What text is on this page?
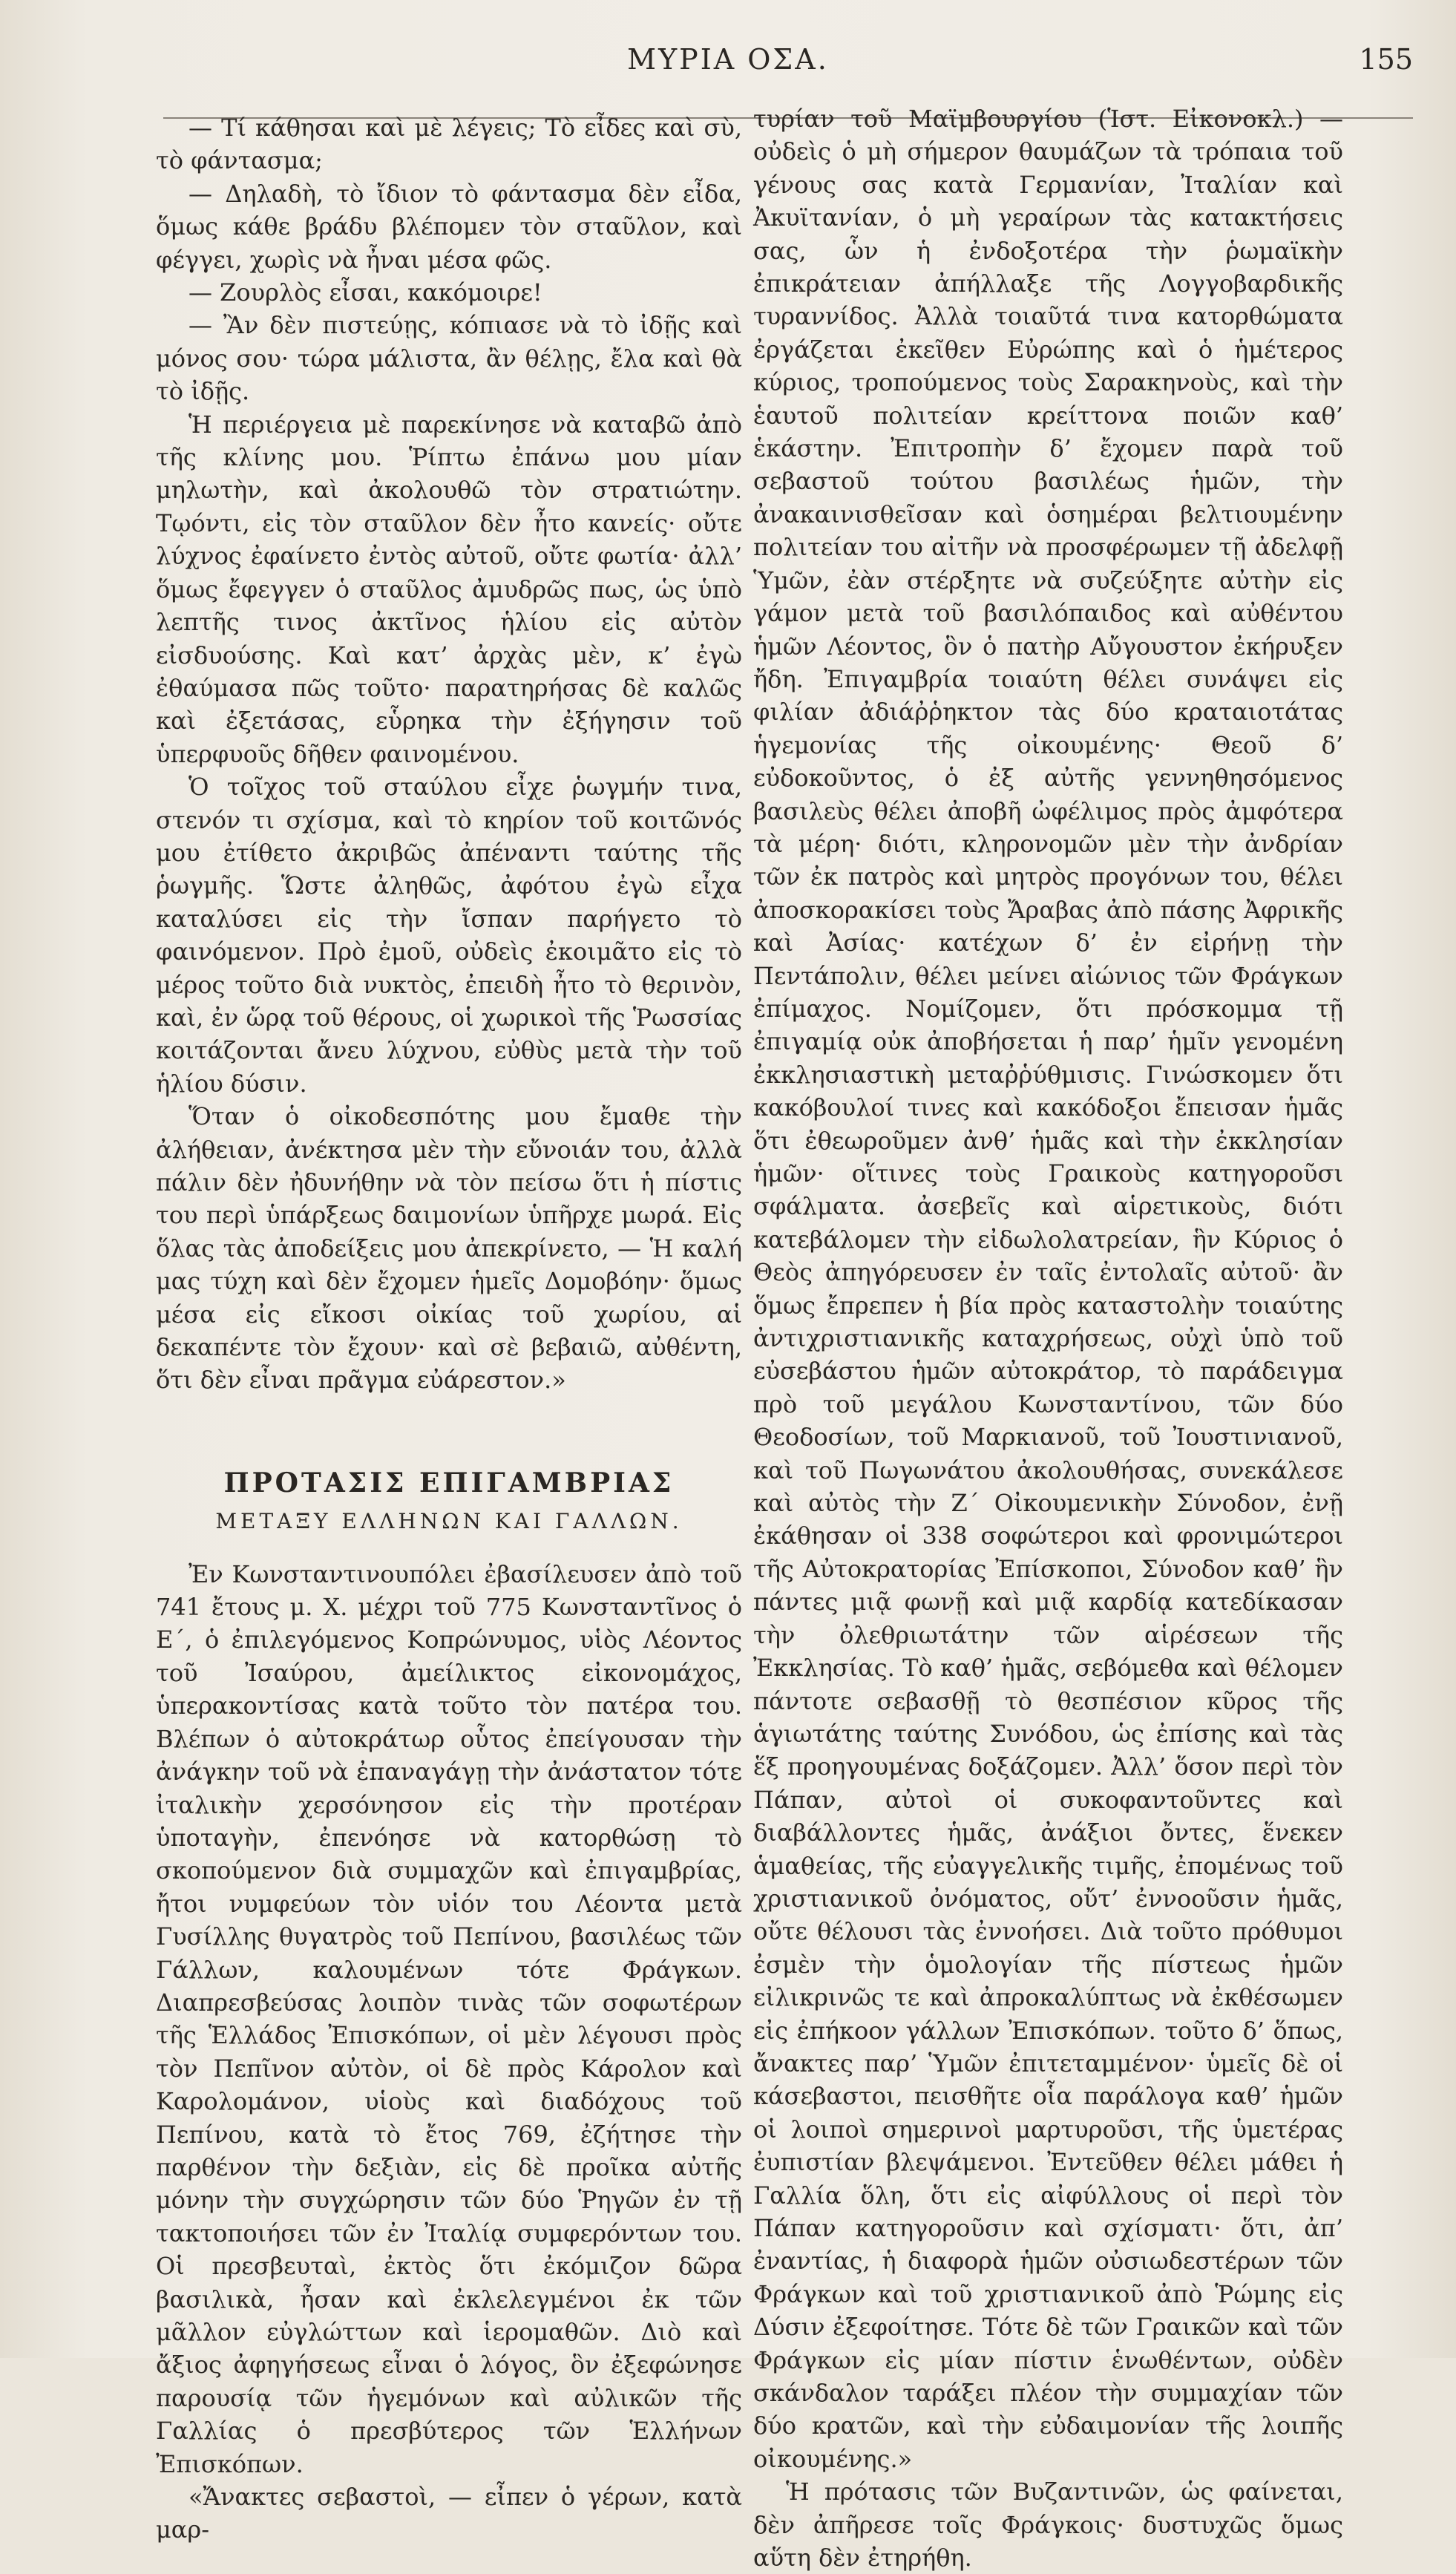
ΜΥΡΙΑ ΟΣΑ.	155

— Τί κάθησαι καὶ μὲ λέγεις; Τὸ εἶδες καὶ σὺ, τὸ φάντασμα;

— Δηλαδὴ, τὸ ἴδιον τὸ φάντασμα δὲν εἶδα, ὅμως κάθε βράδυ βλέπομεν τὸν σταῦλον, καὶ φέγγει, χωρὶς νὰ ἦναι μέσα φῶς.

— Ζουρλὸς εἶσαι, κακόμοιρε!

— Ἂν δὲν πιστεύῃς, κόπιασε νὰ τὸ ἰδῇς καὶ μόνος σου· τώρα μάλιστα, ἂν θέλῃς, ἔλα καὶ θὰ τὸ ἰδῇς.

Ἡ περιέργεια μὲ παρεκίνησε νὰ καταβῶ ἀπὸ τῆς κλίνης μου. Ῥίπτω ἐπάνω μου μίαν μηλωτὴν, καὶ ἀκολουθῶ τὸν στρατιώτην. Τῳόντι, εἰς τὸν σταῦλον δὲν ἦτο κανείς· οὔτε λύχνος ἐφαίνετο ἐντὸς αὐτοῦ, οὔτε φωτία· ἀλλ’ ὅμως ἔφεγγεν ὁ σταῦλος ἀμυδρῶς πως, ὡς ὑπὸ λεπτῆς τινος ἀκτῖνος ἡλίου εἰς αὐτὸν εἰσδυούσης. Καὶ κατ’ ἀρχὰς μὲν, κ’ ἐγὼ ἐθαύμασα πῶς τοῦτο· παρατηρήσας δὲ καλῶς καὶ ἐξετάσας, εὗρηκα τὴν ἐξήγησιν τοῦ ὑπερφυοῦς δῆθεν φαινομένου.

Ὁ τοῖχος τοῦ σταύλου εἶχε ῥωγμήν τινα, στενόν τι σχίσμα, καὶ τὸ κηρίον τοῦ κοιτῶνός μου ἐτίθετο ἀκριβῶς ἀπέναντι ταύτης τῆς ῥωγμῆς. Ὥστε ἀληθῶς, ἀφότου ἐγὼ εἶχα καταλύσει εἰς τὴν ἴσπαν παρήγετο τὸ φαινόμενον. Πρὸ ἐμοῦ, οὐδεὶς ἐκοιμᾶτο εἰς τὸ μέρος τοῦτο διὰ νυκτὸς, ἐπειδὴ ἦτο τὸ θερινὸν, καὶ, ἐν ὥρᾳ τοῦ θέρους, οἱ χωρικοὶ τῆς Ῥωσσίας κοιτάζονται ἄνευ λύχνου, εὐθὺς μετὰ τὴν τοῦ ἡλίου δύσιν.

Ὅταν ὁ οἰκοδεσπότης μου ἔμαθε τὴν ἀλήθειαν, ἀνέκτησα μὲν τὴν εὔνοιάν του, ἀλλὰ πάλιν δὲν ἠδυνήθην νὰ τὸν πείσω ὅτι ἡ πίστις του περὶ ὑπάρξεως δαιμονίων ὑπῆρχε μωρά. Εἰς ὅλας τὰς ἀποδείξεις μου ἀπεκρίνετο, — Ἡ καλή μας τύχη καὶ δὲν ἔχομεν ἡμεῖς Δομοβόην· ὅμως μέσα εἰς εἴκοσι οἰκίας τοῦ χωρίου, αἱ δεκαπέντε τὸν ἔχουν· καὶ σὲ βεβαιῶ, αὐθέντη, ὅτι δὲν εἶναι πρᾶγμα εὐάρεστον.»

ΠΡΟΤΑΣΙΣ ΕΠΙΓΑΜΒΡΙΑΣ
ΜΕΤΑΞΥ ΕΛΛΗΝΩΝ ΚΑΙ ΓΑΛΛΩΝ.

Ἐν Κωνσταντινουπόλει ἐβασίλευσεν ἀπὸ τοῦ 741 ἔτους μ. Χ. μέχρι τοῦ 775 Κωνσταντῖνος ὁ Ε΄, ὁ ἐπιλεγόμενος Κοπρώνυμος, υἱὸς Λέοντος τοῦ Ἰσαύρου, ἀμείλικτος εἰκονομάχος, ὑπερακοντίσας κατὰ τοῦτο τὸν πατέρα του. Βλέπων ὁ αὐτοκράτωρ οὗτος ἐπείγουσαν τὴν ἀνάγκην τοῦ νὰ ἐπαναγάγῃ τὴν ἀνάστατον τότε ἰταλικὴν χερσόνησον εἰς τὴν προτέραν ὑποταγὴν, ἐπενόησε νὰ κατορθώσῃ τὸ σκοπούμενον διὰ συμμαχῶν καὶ ἐπιγαμβρίας, ἤτοι νυμφεύων τὸν υἱόν του Λέοντα μετὰ Γυσίλλης θυγατρὸς τοῦ Πεπίνου, βασιλέως τῶν Γάλλων, καλουμένων τότε Φράγκων. Διαπρεσβεύσας λοιπὸν τινὰς τῶν σοφωτέρων τῆς Ἑλλάδος Ἐπισκόπων, οἱ μὲν λέγουσι πρὸς τὸν Πεπῖνον αὐτὸν, οἱ δὲ πρὸς Κάρολον καὶ Καρολομάνον, υἱοὺς καὶ διαδόχους τοῦ Πεπίνου, κατὰ τὸ ἔτος 769, ἐζήτησε τὴν παρθένον τὴν δεξιὰν, εἰς δὲ προῖκα αὐτῆς μόνην τὴν συγχώρησιν τῶν δύο Ῥηγῶν ἐν τῇ τακτοποιήσει τῶν ἐν Ἰταλίᾳ συμφερόντων του. Οἱ πρεσβευταὶ, ἐκτὸς ὅτι ἐκόμιζον δῶρα βασιλικὰ, ἦσαν καὶ ἐκλελεγμένοι ἐκ τῶν μᾶλλον εὐγλώττων καὶ ἱερομαθῶν. Διὸ καὶ ἄξιος ἀφηγήσεως εἶναι ὁ λόγος, ὃν ἐξεφώνησε παρουσίᾳ τῶν ἡγεμόνων καὶ αὐλικῶν τῆς Γαλλίας ὁ πρεσβύτερος τῶν Ἑλλήνων Ἐπισκόπων.

«Ἄνακτες σεβαστοὶ, — εἶπεν ὁ γέρων, κατὰ μαρ-

τυρίαν τοῦ Μαϊμβουργίου (Ἱστ. Εἰκονοκλ.) — οὐδεὶς ὁ μὴ σήμερον θαυμάζων τὰ τρόπαια τοῦ γένους σας κατὰ Γερμανίαν, Ἰταλίαν καὶ Ἀκυϊτανίαν, ὁ μὴ γεραίρων τὰς κατακτήσεις σας, ὧν ἡ ἐνδοξοτέρα τὴν ῥωμαϊκὴν ἐπικράτειαν ἀπήλλαξε τῆς Λογγοβαρδικῆς τυραννίδος. Ἀλλὰ τοιαῦτά τινα κατορθώματα ἐργάζεται ἐκεῖθεν Εὐρώπης καὶ ὁ ἡμέτερος κύριος, τροπούμενος τοὺς Σαρακηνοὺς, καὶ τὴν ἑαυτοῦ πολιτείαν κρείττονα ποιῶν καθ’ ἑκάστην. Ἐπιτροπὴν δ’ ἔχομεν παρὰ τοῦ σεβαστοῦ τούτου βασιλέως ἡμῶν, τὴν ἀνακαινισθεῖσαν καὶ ὁσημέραι βελτιουμένην πολιτείαν του αἰτῆν νὰ προσφέρωμεν τῇ ἀδελφῇ Ὑμῶν, ἐὰν στέρξητε νὰ συζεύξητε αὐτὴν εἰς γάμον μετὰ τοῦ βασιλόπαιδος καὶ αὐθέντου ἡμῶν Λέοντος, ὃν ὁ πατὴρ Αὔγουστον ἐκήρυξεν ἤδη. Ἐπιγαμβρία τοιαύτη θέλει συνάψει εἰς φιλίαν ἀδιάῤῥηκτον τὰς δύο κραταιοτάτας ἡγεμονίας τῆς οἰκουμένης· Θεοῦ δ’ εὐδοκοῦντος, ὁ ἐξ αὐτῆς γεννηθησόμενος βασιλεὺς θέλει ἀποβῆ ὠφέλιμος πρὸς ἀμφότερα τὰ μέρη· διότι, κληρονομῶν μὲν τὴν ἀνδρίαν τῶν ἐκ πατρὸς καὶ μητρὸς προγόνων του, θέλει ἀποσκορακίσει τοὺς Ἄραβας ἀπὸ πάσης Ἀφρικῆς καὶ Ἀσίας· κατέχων δ’ ἐν εἰρήνῃ τὴν Πεντάπολιν, θέλει μείνει αἰώνιος τῶν Φράγκων ἐπίμαχος. Νομίζομεν, ὅτι πρόσκομμα τῇ ἐπιγαμίᾳ οὐκ ἀποβήσεται ἡ παρ’ ἡμῖν γενομένη ἐκκλησιαστικὴ μεταῤῥύθμισις. Γινώσκομεν ὅτι κακόβουλοί τινες καὶ κακόδοξοι ἔπεισαν ἡμᾶς ὅτι ἐθεωροῦμεν ἀνθ’ ἡμᾶς καὶ τὴν ἐκκλησίαν ἡμῶν· οἵτινες τοὺς Γραικοὺς κατηγοροῦσι σφάλματα. ἀσεβεῖς καὶ αἱρετικοὺς, διότι κατεβάλομεν τὴν εἰδωλολατρείαν, ἣν Κύριος ὁ Θεὸς ἀπηγόρευσεν ἐν ταῖς ἐντολαῖς αὐτοῦ· ἂν ὅμως ἔπρεπεν ἡ βία πρὸς καταστολὴν τοιαύτης ἀντιχριστιανικῆς καταχρήσεως, οὐχὶ ὑπὸ τοῦ εὐσεβάστου ἡμῶν αὐτοκράτορ, τὸ παράδειγμα πρὸ τοῦ μεγάλου Κωνσταντίνου, τῶν δύο Θεοδοσίων, τοῦ Μαρκιανοῦ, τοῦ Ἰουστινιανοῦ, καὶ τοῦ Πωγωνάτου ἀκολουθήσας, συνεκάλεσε καὶ αὐτὸς τὴν Ζ΄ Οἰκουμενικὴν Σύνοδον, ἐνῇ ἐκάθησαν οἱ 338 σοφώτεροι καὶ φρονιμώτεροι τῆς Αὐτοκρατορίας Ἐπίσκοποι, Σύνοδον καθ’ ἣν πάντες μιᾷ φωνῇ καὶ μιᾷ καρδίᾳ κατεδίκασαν τὴν ὀλεθριωτάτην τῶν αἱρέσεων τῆς Ἐκκλησίας. Τὸ καθ’ ἡμᾶς, σεβόμεθα καὶ θέλομεν πάντοτε σεβασθῇ τὸ θεσπέσιον κῦρος τῆς ἁγιωτάτης ταύτης Συνόδου, ὡς ἐπίσης καὶ τὰς ἕξ προηγουμένας δοξάζομεν. Ἀλλ’ ὅσον περὶ τὸν Πάπαν, αὐτοὶ οἱ συκοφαντοῦντες καὶ διαβάλλοντες ἡμᾶς, ἀνάξιοι ὄντες, ἕνεκεν ἁμαθείας, τῆς εὐαγγελικῆς τιμῆς, ἐπομένως τοῦ χριστιανικοῦ ὀνόματος, οὔτ’ ἐννοοῦσιν ἡμᾶς, οὔτε θέλουσι τὰς ἐννοήσει. Διὰ τοῦτο πρόθυμοι ἐσμὲν τὴν ὁμολογίαν τῆς πίστεως ἡμῶν εἰλικρινῶς τε καὶ ἀπροκαλύπτως νὰ ἐκθέσωμεν εἰς ἐπήκοον γάλλων Ἐπισκόπων. τοῦτο δ’ ὅπως, ἄνακτες παρ’ Ὑμῶν ἐπιτεταμμένον· ὑμεῖς δὲ οἱ κάσεβαστοι, πεισθῆτε οἷα παράλογα καθ’ ἡμῶν οἱ λοιποὶ σημερινοὶ μαρτυροῦσι, τῆς ὑμετέρας ἐυπιστίαν βλεψάμενοι. Ἐντεῦθεν θέλει μάθει ἡ Γαλλία ὅλη, ὅτι εἰς αἰφύλλους οἱ περὶ τὸν Πάπαν κατηγοροῦσιν καὶ σχίσματι· ὅτι, ἀπ’ ἐναντίας, ἡ διαφορὰ ἡμῶν οὐσιωδεστέρων τῶν Φράγκων καὶ τοῦ χριστιανικοῦ ἀπὸ Ῥώμης εἰς Δύσιν ἐξεφοίτησε. Τότε δὲ τῶν Γραικῶν καὶ τῶν Φράγκων εἰς μίαν πίστιν ἑνωθέντων, οὐδὲν σκάνδαλον ταράξει πλέον τὴν συμμαχίαν τῶν δύο κρατῶν, καὶ τὴν εὐδαιμονίαν τῆς λοιπῆς οἰκουμένης.»

Ἡ πρότασις τῶν Βυζαντινῶν, ὡς φαίνεται, δὲν ἀπῆρεσε τοῖς Φράγκοις· δυστυχῶς ὅμως αὕτη δὲν ἐτηρήθη.
